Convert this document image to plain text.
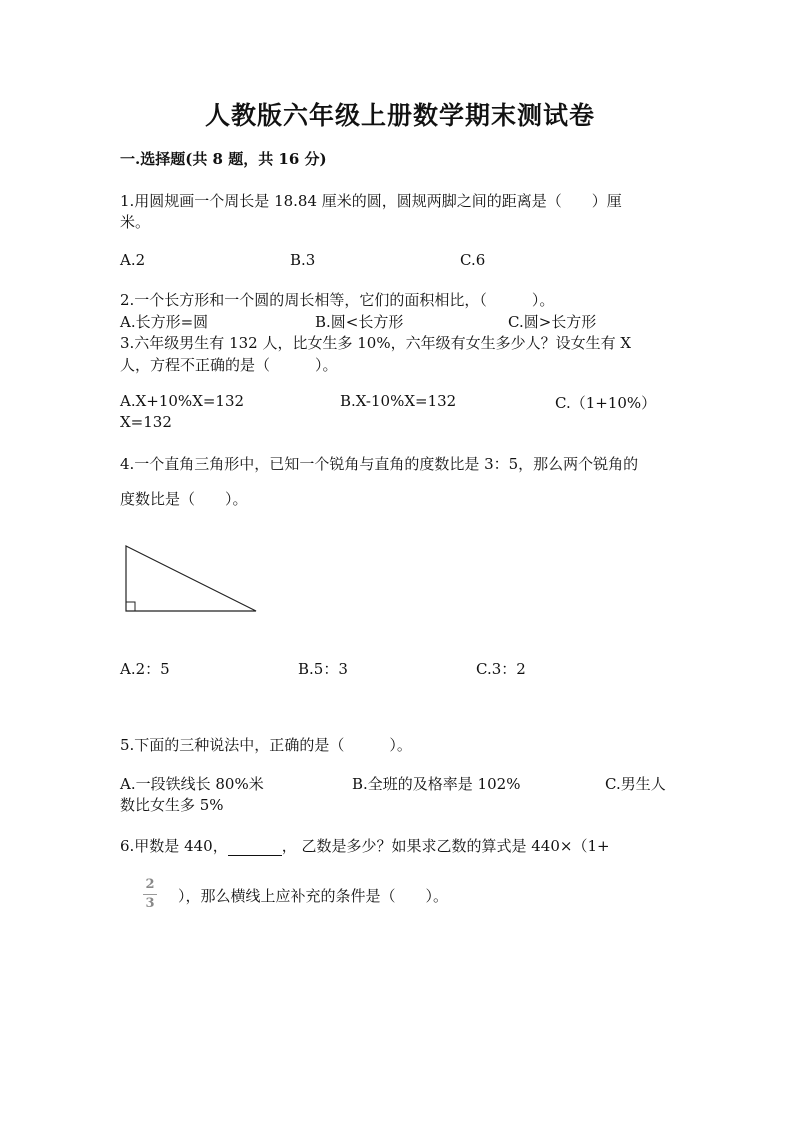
人教版六年级上册数学期末测试卷
一.选择题(共 8 题，共 16 分)
1.用圆规画一个周长是 18.84 厘米的圆，圆规两脚之间的距离是（　　）厘
米。
A.2	B.3	C.6
2.一个长方形和一个圆的周长相等，它们的面积相比，（　　　）。
A.长方形=圆	B.圆<长方形	C.圆>长方形
3.六年级男生有 132 人，比女生多 10%，六年级有女生多少人？设女生有 X
人，方程不正确的是（　　　）。
A.X+10%X=132	B.X-10%X=132	C.（1+10%）
X=132
4.一个直角三角形中，已知一个锐角与直角的度数比是 3：5，那么两个锐角的
度数比是（　　）。
A.2：5	B.5：3	C.3：2
5.下面的三种说法中，正确的是（　　　）。
A.一段铁线长 80%米	B.全班的及格率是 102%	C.男生人
数比女生多 5%
6.甲数是 440，	， 乙数是多少？如果求乙数的算式是 440×（1+
2
3 ），那么横线上应补充的条件是（　　）。
